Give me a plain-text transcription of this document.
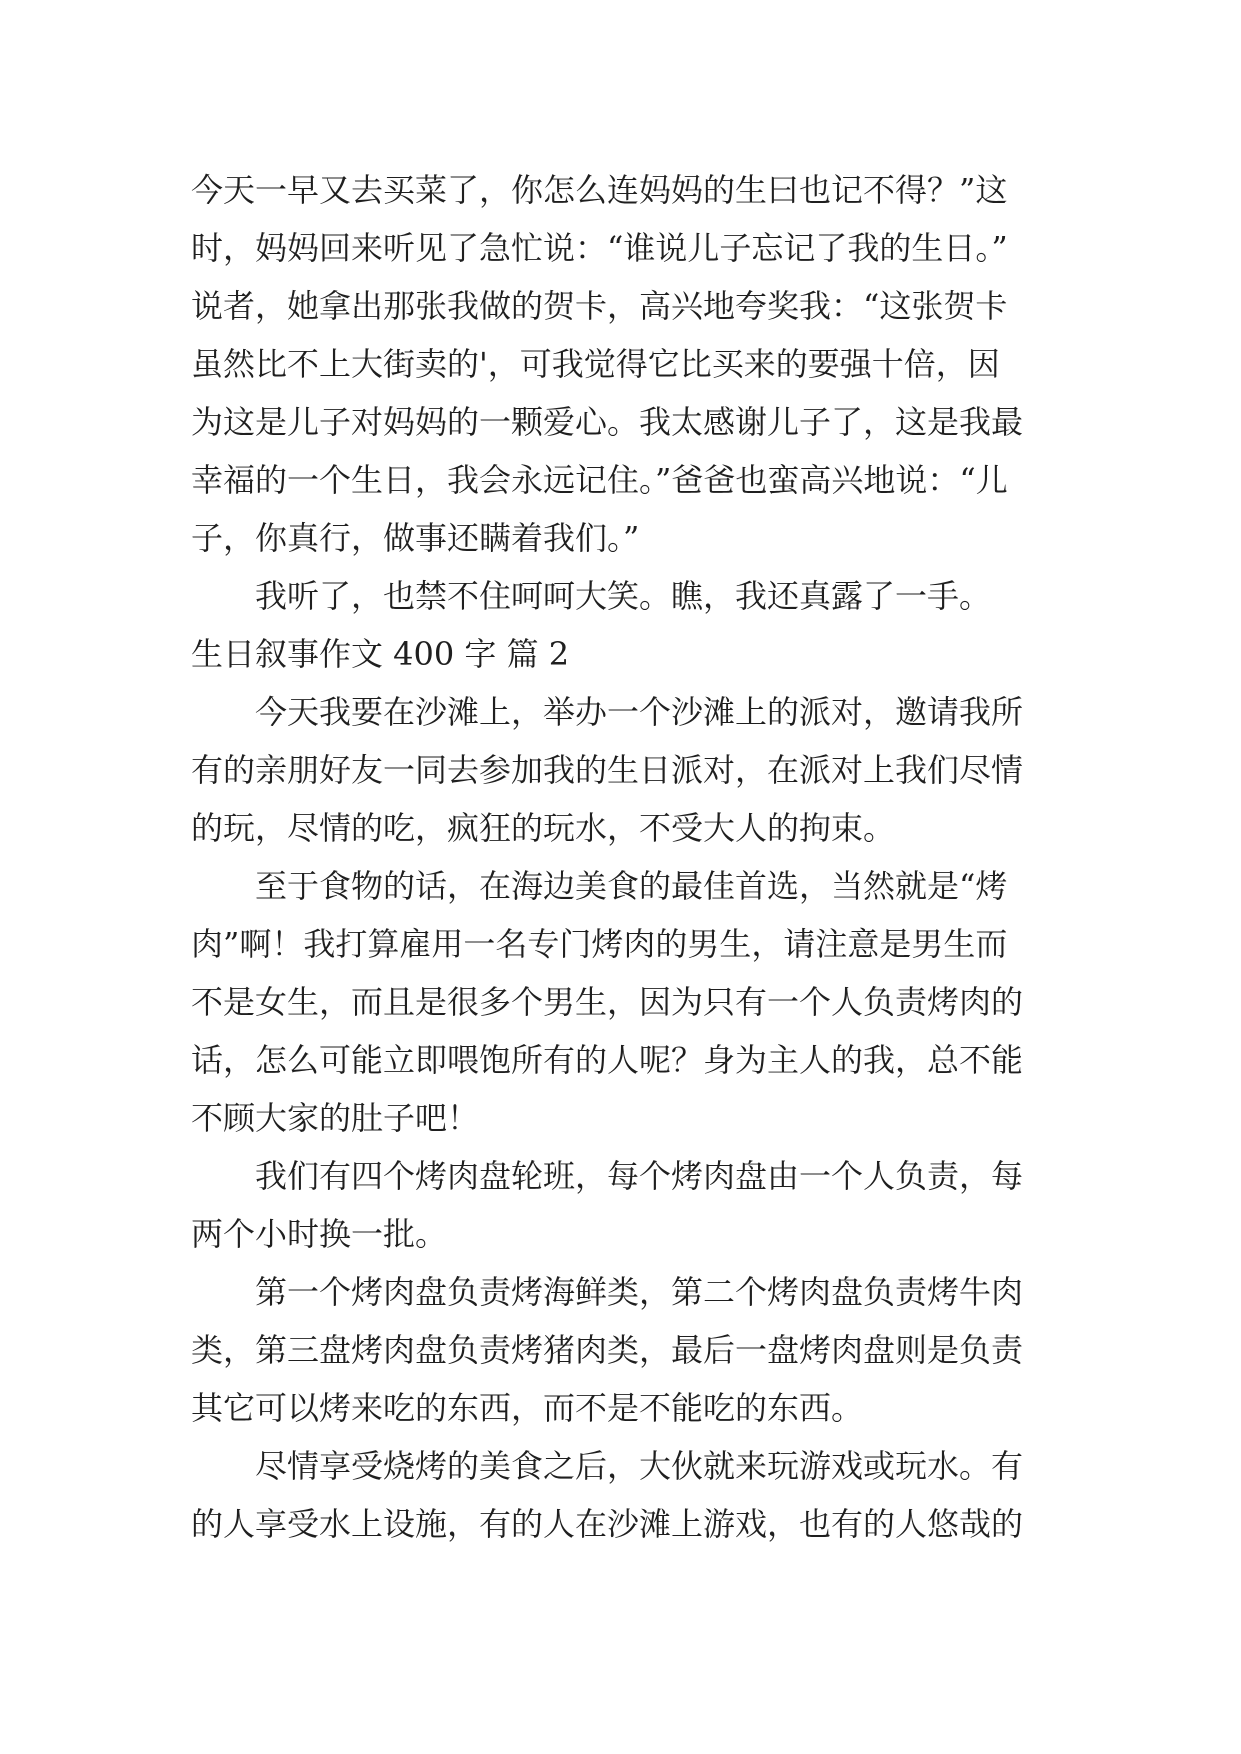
今天一早又去买菜了，你怎么连妈妈的生曰也记不得？”这
时，妈妈回来听见了急忙说：“谁说儿子忘记了我的生日。”
说者，她拿出那张我做的贺卡，高兴地夸奖我：“这张贺卡
虽然比不上大街卖的'，可我觉得它比买来的要强十倍，因
为这是儿子对妈妈的一颗爱心。我太感谢儿子了，这是我最
幸福的一个生日，我会永远记住。”爸爸也蛮高兴地说：“儿
子，你真行，做事还瞒着我们。”
我听了，也禁不住呵呵大笑。瞧，我还真露了一手。
生日叙事作文 400 字 篇 2
今天我要在沙滩上，举办一个沙滩上的派对，邀请我所
有的亲朋好友一同去参加我的生日派对，在派对上我们尽情
的玩，尽情的吃，疯狂的玩水，不受大人的拘束。
至于食物的话，在海边美食的最佳首选，当然就是“烤
肉”啊！我打算雇用一名专门烤肉的男生，请注意是男生而
不是女生，而且是很多个男生，因为只有一个人负责烤肉的
话，怎么可能立即喂饱所有的人呢？身为主人的我，总不能
不顾大家的肚子吧！
我们有四个烤肉盘轮班，每个烤肉盘由一个人负责，每
两个小时换一批。
第一个烤肉盘负责烤海鲜类，第二个烤肉盘负责烤牛肉
类，第三盘烤肉盘负责烤猪肉类，最后一盘烤肉盘则是负责
其它可以烤来吃的东西，而不是不能吃的东西。
尽情享受烧烤的美食之后，大伙就来玩游戏或玩水。有
的人享受水上设施，有的人在沙滩上游戏，也有的人悠哉的
